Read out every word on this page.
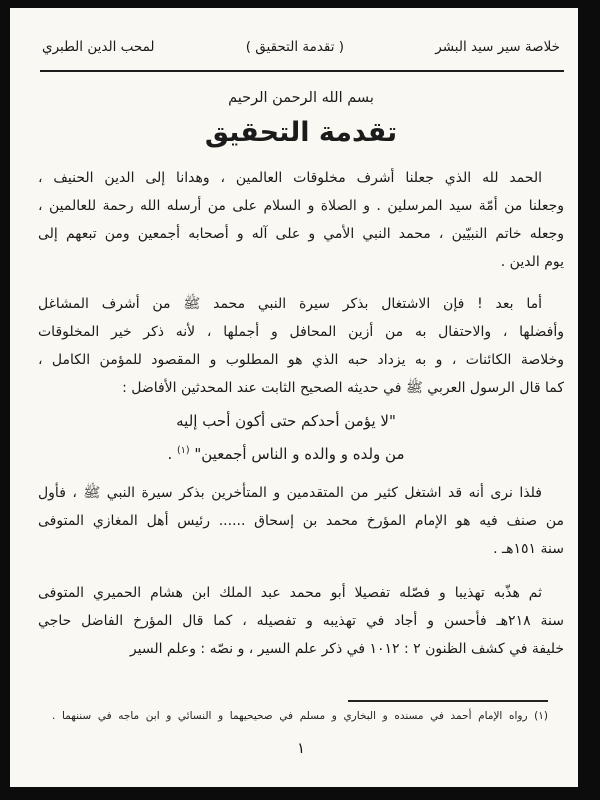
خلاصة سير سيد البشر
( تقدمة التحقيق )
لمحب الدين الطبري
بسم الله الرحمن الرحيم
تقدمة التحقيق
الحمد لله الذي جعلنا أشرف مخلوقات العالمين ، وهدانا إلى الدين الحنيف ،
وجعلنا من أمّة سيد المرسلين . و الصلاة و السلام على من أرسله الله رحمة للعالمين ،
وجعله خاتم النبيّين ، محمد النبي الأمي و على آله و أصحابه أجمعين ومن تبعهم إلى
يوم الدين .
أما بعد ! فإن الاشتغال بذكر سيرة النبي محمد ﷺ من أشرف المشاغل
وأفضلها ، والاحتفال به من أزين المحافل و أجملها ، لأنه ذكر خير المخلوقات
وخلاصة الكائنات ، و به يزداد حبه الذي هو المطلوب و المقصود للمؤمن الكامل ،
كما قال الرسول العربي ﷺ في حديثه الصحيح الثابت عند المحدثين الأفاضل :
"لا يؤمن أحدكم حتى أكون أحب إليه
من ولده و والده و الناس أجمعين" $^{(١)}$ .
فلذا نرى أنه قد اشتغل كثير من المتقدمين و المتأخرين بذكر سيرة النبي ﷺ ، فأول
من صنف فيه هو الإمام المؤرخ محمد بن إسحاق ...... رئيس أهل المغازي المتوفى
سنة ١٥١هـ .
ثم هذّبه تهذيبا و فصّله تفصيلا أبو محمد عبد الملك ابن هشام الحميري المتوفى
سنة ٢١٨هـ فأحسن و أجاد في تهذيبه و تفصيله ، كما قال المؤرخ الفاضل حاجي
خليفة في كشف الظنون ٢ : ١٠١٢ في ذكر علم السير ، و نصّه : وعلم السير
(١) رواه الإمام أحمد في مسنده و البخاري و مسلم في صحيحيهما و النسائي و ابن ماجه في سننهما .
١
